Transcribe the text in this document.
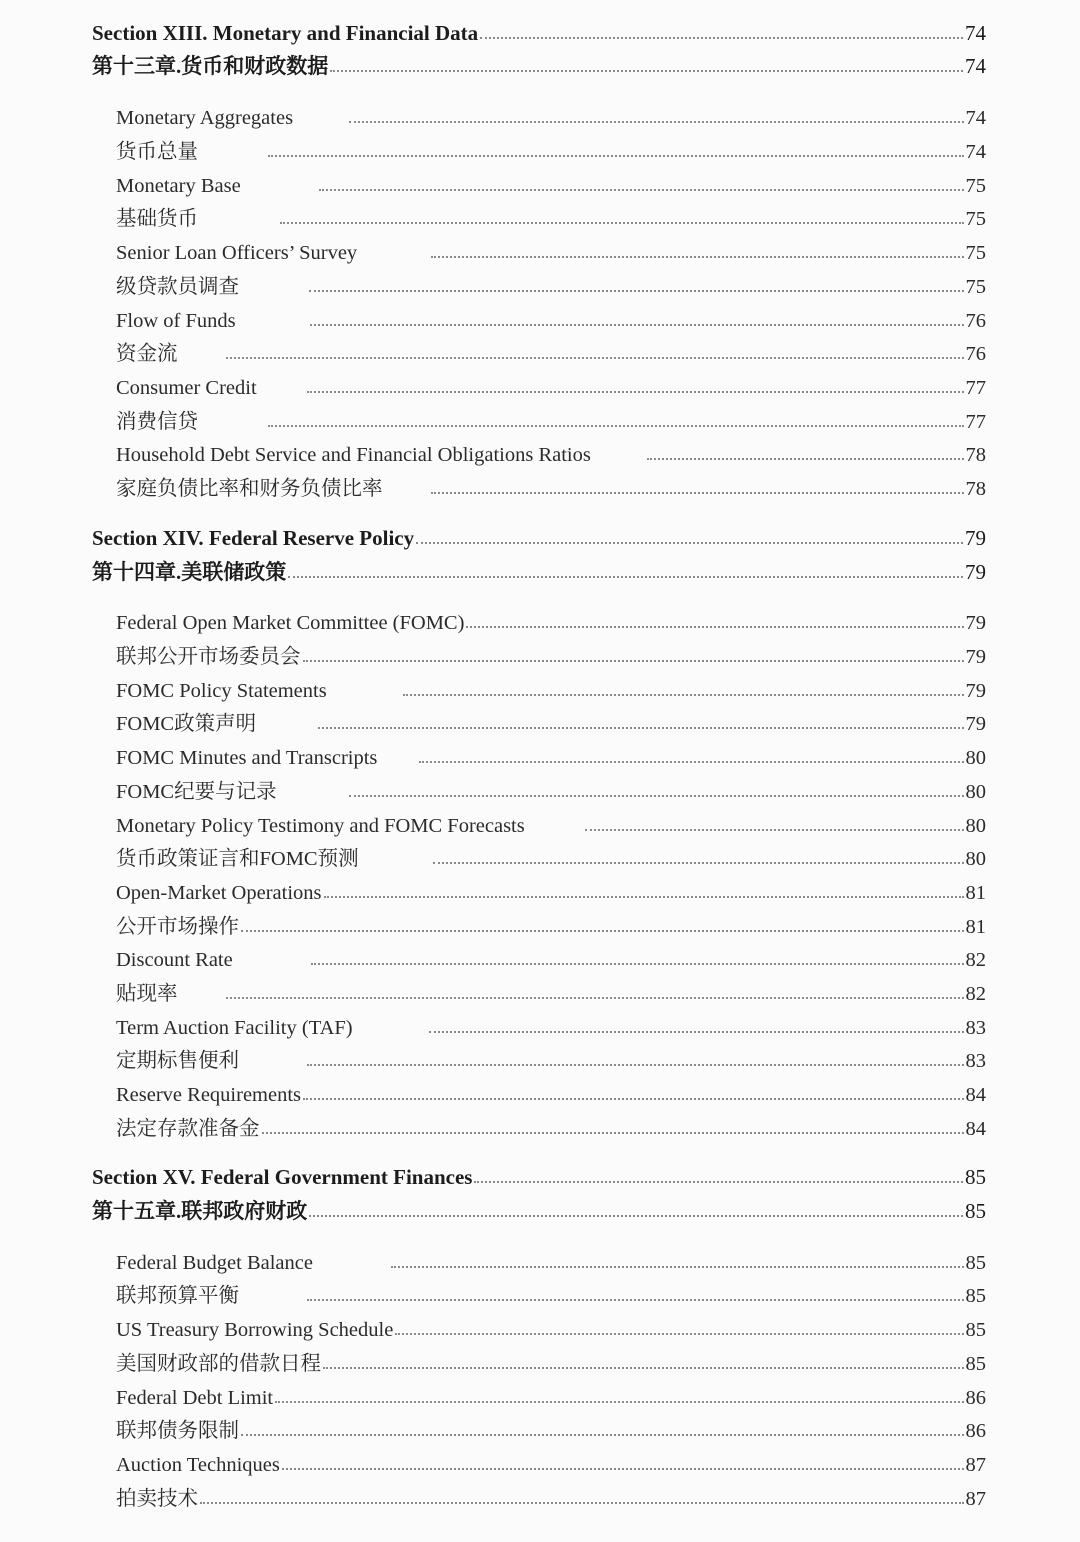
Section XIII. Monetary and Financial Data	74
第十三章.货币和财政数据	74
Monetary Aggregates	74
货币总量	74
Monetary Base	75
基础货币	75
Senior Loan Officers’ Survey	75
级贷款员调查	75
Flow of Funds	76
资金流	76
Consumer Credit	77
消费信贷	77
Household Debt Service and Financial Obligations Ratios	78
家庭负债比率和财务负债比率	78
Section XIV. Federal Reserve Policy	79
第十四章.美联储政策	79
Federal Open Market Committee (FOMC)	79
联邦公开市场委员会	79
FOMC Policy Statements	79
FOMC政策声明	79
FOMC Minutes and Transcripts	80
FOMC纪要与记录	80
Monetary Policy Testimony and FOMC Forecasts	80
货币政策证言和FOMC预测	80
Open-Market Operations	81
公开市场操作	81
Discount Rate	82
贴现率	82
Term Auction Facility (TAF)	83
定期标售便利	83
Reserve Requirements	84
法定存款准备金	84
Section XV. Federal Government Finances	85
第十五章.联邦政府财政	85
Federal Budget Balance	85
联邦预算平衡	85
US Treasury Borrowing Schedule	85
美国财政部的借款日程	85
Federal Debt Limit	86
联邦债务限制	86
Auction Techniques	87
拍卖技术	87
